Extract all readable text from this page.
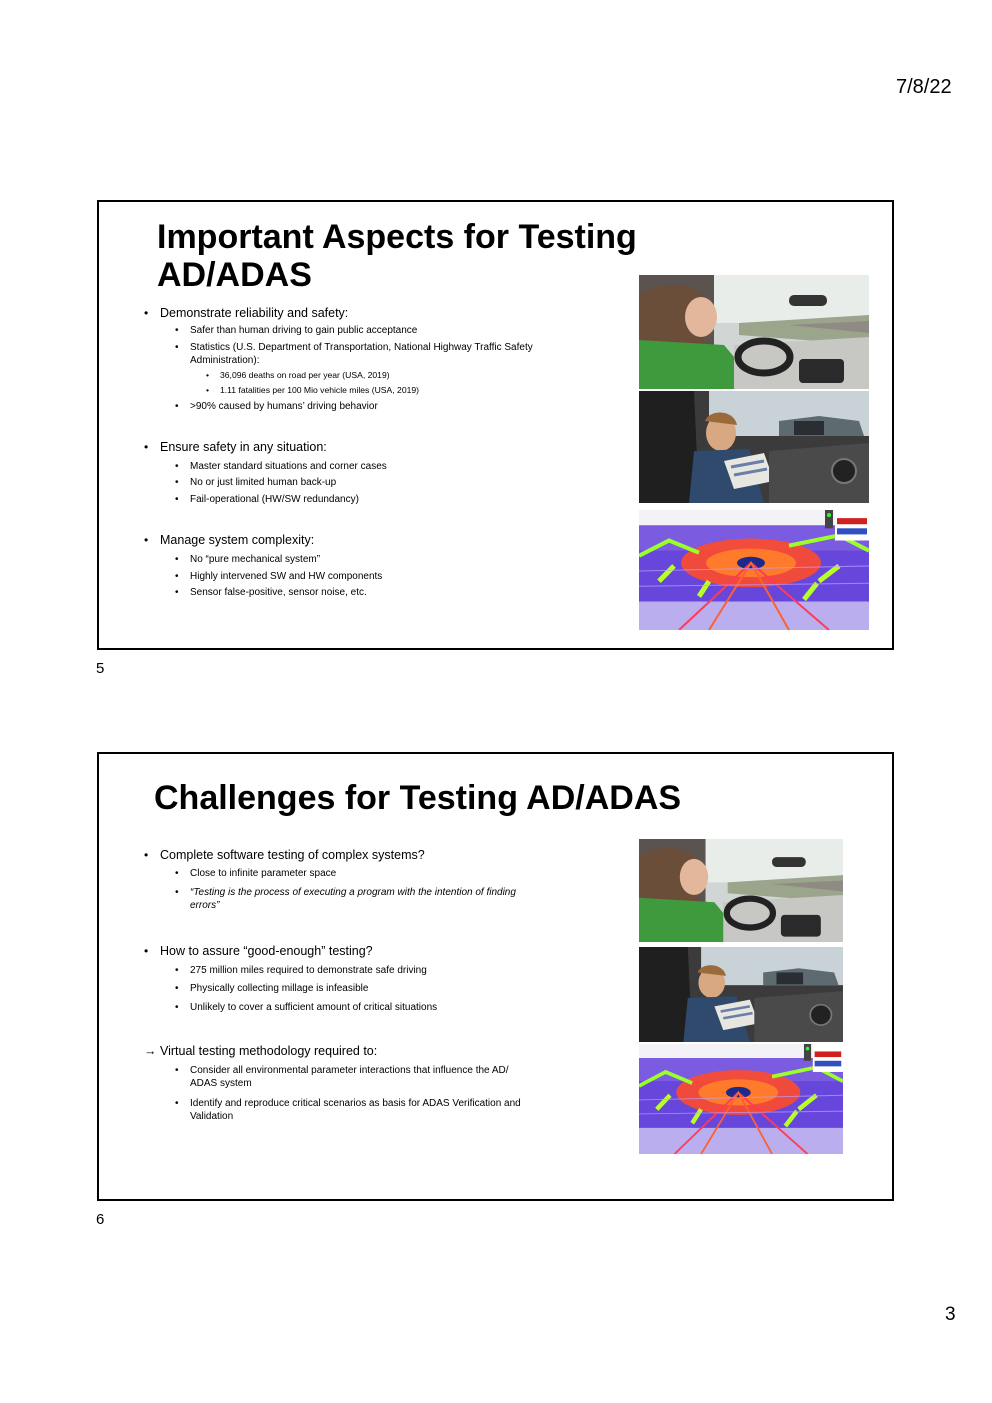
7/8/22
Important Aspects for Testing
AD/ADAS
• Demonstrate reliability and safety:
• Safer than human driving to gain public acceptance
• Statistics (U.S. Department of Transportation, National Highway Traffic Safety
Administration):
• 36,096 deaths on road per year (USA, 2019)
• 1.11 fatalities per 100 Mio vehicle miles (USA, 2019)
• >90% caused by humans’ driving behavior
• Ensure safety in any situation:
• Master standard situations and corner cases
• No or just limited human back-up
• Fail-operational (HW/SW redundancy)
• Manage system complexity:
• No “pure mechanical system”
• Highly intervened SW and HW components
• Sensor false-positive, sensor noise, etc.
5
Challenges for Testing AD/ADAS
• Complete software testing of complex systems?
• Close to infinite parameter space
• “Testing is the process of executing a program with the intention of finding
errors”
• How to assure “good-enough” testing?
• 275 million miles required to demonstrate safe driving
• Physically collecting millage is infeasible
• Unlikely to cover a sufficient amount of critical situations
→ Virtual testing methodology required to:
• Consider all environmental parameter interactions that influence the AD/
ADAS system
• Identify and reproduce critical scenarios as basis for ADAS Verification and
Validation
6
3
